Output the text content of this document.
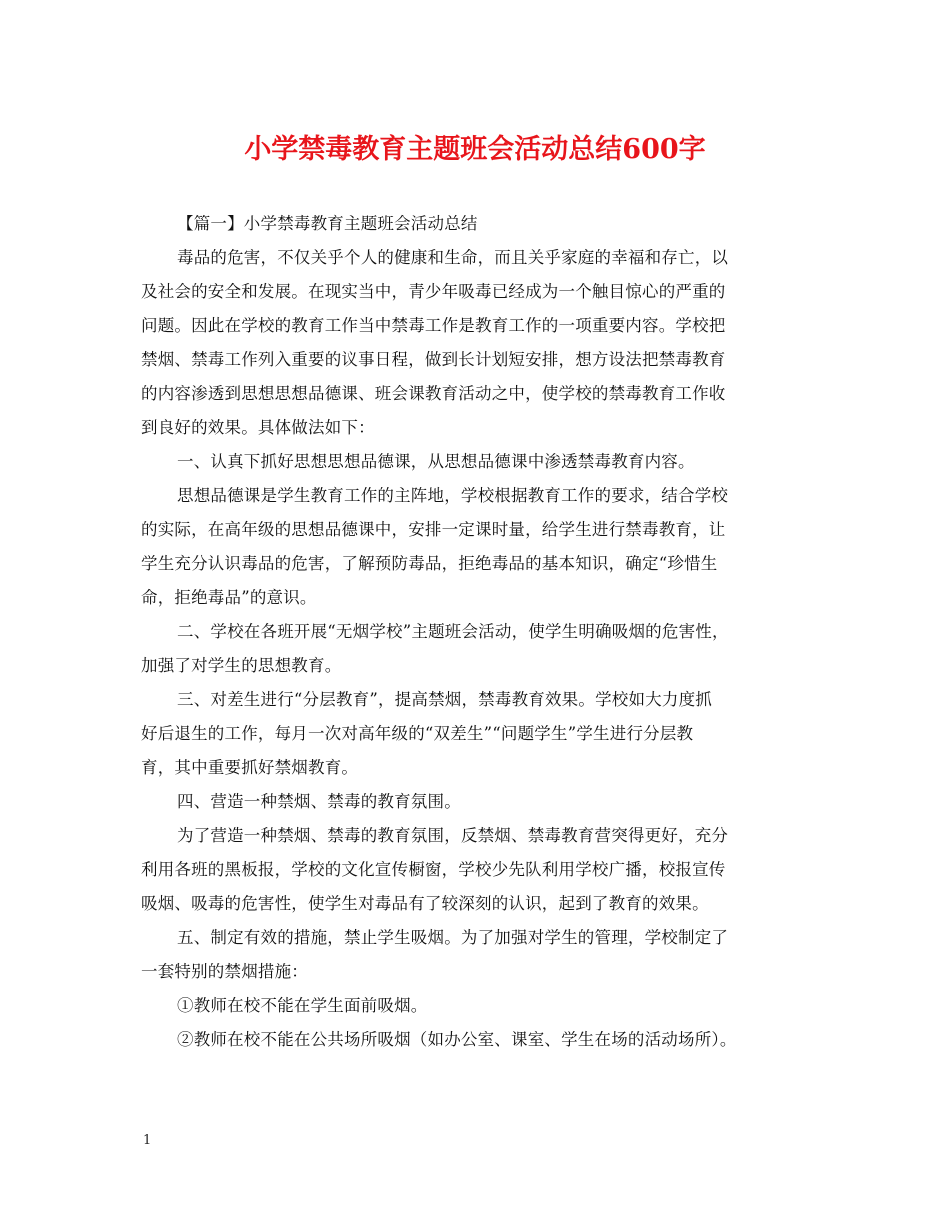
小学禁毒教育主题班会活动总结600字
【篇一】小学禁毒教育主题班会活动总结
毒品的危害，不仅关乎个人的健康和生命，而且关乎家庭的幸福和存亡，以
及社会的安全和发展。在现实当中，青少年吸毒已经成为一个触目惊心的严重的
问题。因此在学校的教育工作当中禁毒工作是教育工作的一项重要内容。学校把
禁烟、禁毒工作列入重要的议事日程，做到长计划短安排，想方设法把禁毒教育
的内容渗透到思想思想品德课、班会课教育活动之中，使学校的禁毒教育工作收
到良好的效果。具体做法如下：
一、认真下抓好思想思想品德课，从思想品德课中渗透禁毒教育内容。
思想品德课是学生教育工作的主阵地，学校根据教育工作的要求，结合学校
的实际，在高年级的思想品德课中，安排一定课时量，给学生进行禁毒教育，让
学生充分认识毒品的危害，了解预防毒品，拒绝毒品的基本知识，确定“珍惜生
命，拒绝毒品”的意识。
二、学校在各班开展“无烟学校”主题班会活动，使学生明确吸烟的危害性，
加强了对学生的思想教育。
三、对差生进行“分层教育”，提高禁烟，禁毒教育效果。学校如大力度抓
好后退生的工作，每月一次对高年级的“双差生”“问题学生”学生进行分层教
育，其中重要抓好禁烟教育。
四、营造一种禁烟、禁毒的教育氛围。
为了营造一种禁烟、禁毒的教育氛围，反禁烟、禁毒教育营突得更好，充分
利用各班的黑板报，学校的文化宣传橱窗，学校少先队利用学校广播，校报宣传
吸烟、吸毒的危害性，使学生对毒品有了较深刻的认识，起到了教育的效果。
五、制定有效的措施，禁止学生吸烟。为了加强对学生的管理，学校制定了
一套特别的禁烟措施：
①教师在校不能在学生面前吸烟。
②教师在校不能在公共场所吸烟（如办公室、课室、学生在场的活动场所）。
1
